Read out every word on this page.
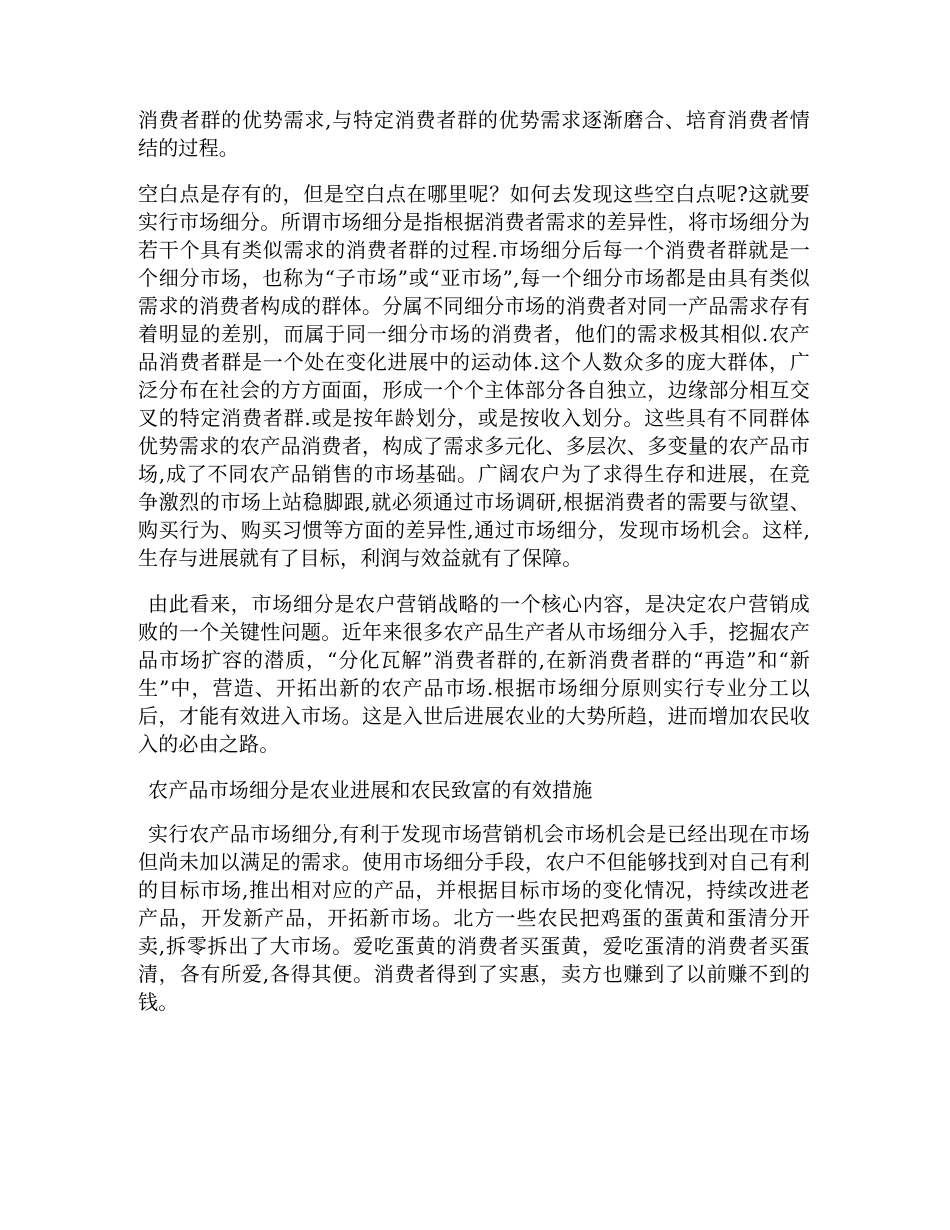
消费者群的优势需求,与特定消费者群的优势需求逐渐磨合、培育消费者情结的过程。

空白点是存有的，但是空白点在哪里呢？如何去发现这些空白点呢?这就要实行市场细分。所谓市场细分是指根据消费者需求的差异性，将市场细分为若干个具有类似需求的消费者群的过程.市场细分后每一个消费者群就是一个细分市场，也称为“子市场”或“亚市场”,每一个细分市场都是由具有类似需求的消费者构成的群体。分属不同细分市场的消费者对同一产品需求存有着明显的差别，而属于同一细分市场的消费者，他们的需求极其相似.农产品消费者群是一个处在变化进展中的运动体.这个人数众多的庞大群体，广泛分布在社会的方方面面，形成一个个主体部分各自独立，边缘部分相互交叉的特定消费者群.或是按年龄划分，或是按收入划分。这些具有不同群体优势需求的农产品消费者，构成了需求多元化、多层次、多变量的农产品市场,成了不同农产品销售的市场基础。广阔农户为了求得生存和进展，在竞争激烈的市场上站稳脚跟,就必须通过市场调研,根据消费者的需要与欲望、购买行为、购买习惯等方面的差异性,通过市场细分，发现市场机会。这样,生存与进展就有了目标，利润与效益就有了保障。

由此看来，市场细分是农户营销战略的一个核心内容，是决定农户营销成败的一个关键性问题。近年来很多农产品生产者从市场细分入手，挖掘农产品市场扩容的潜质，“分化瓦解”消费者群的,在新消费者群的“再造”和“新生”中，营造、开拓出新的农产品市场.根据市场细分原则实行专业分工以后，才能有效进入市场。这是入世后进展农业的大势所趋，进而增加农民收入的必由之路。

农产品市场细分是农业进展和农民致富的有效措施

实行农产品市场细分,有利于发现市场营销机会市场机会是已经出现在市场但尚未加以满足的需求。使用市场细分手段，农户不但能够找到对自己有利的目标市场,推出相对应的产品，并根据目标市场的变化情况，持续改进老产品，开发新产品，开拓新市场。北方一些农民把鸡蛋的蛋黄和蛋清分开卖,拆零拆出了大市场。爱吃蛋黄的消费者买蛋黄，爱吃蛋清的消费者买蛋清，各有所爱,各得其便。消费者得到了实惠，卖方也赚到了以前赚不到的钱。
